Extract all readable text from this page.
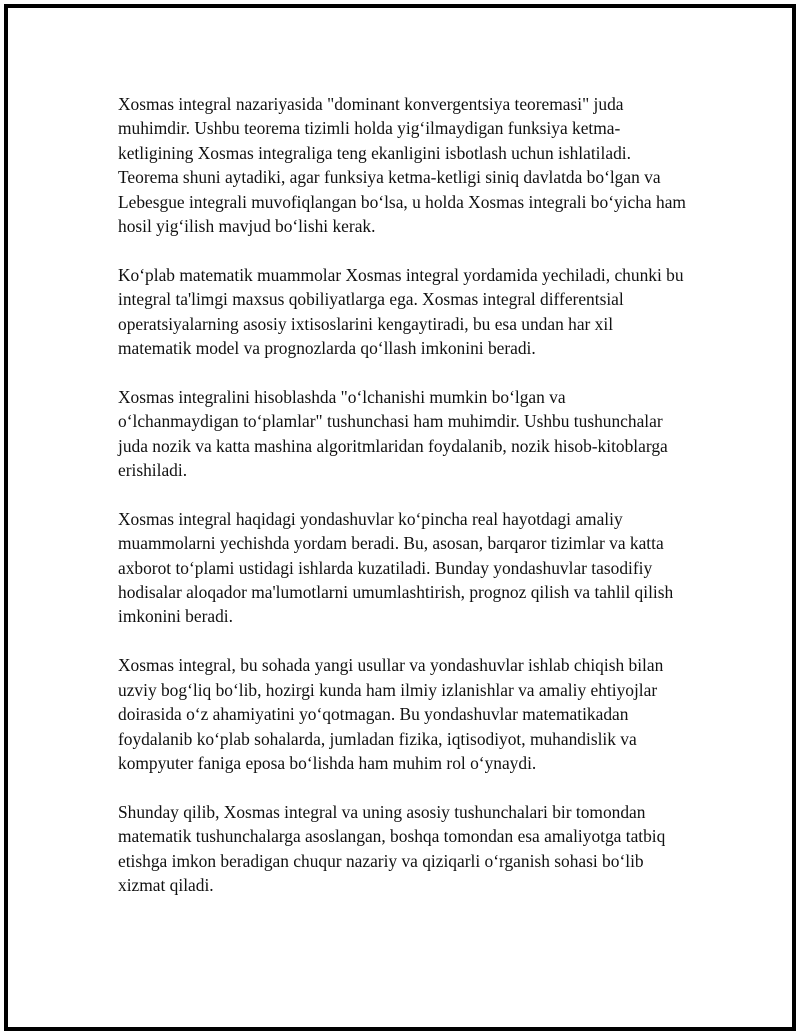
Xosmas integral nazariyasida "dominant konvergentsiya teoremasi" juda muhimdir. Ushbu teorema tizimli holda yigʻilmaydigan funksiya ketma-ketligining Xosmas integraliga teng ekanligini isbotlash uchun ishlatiladi. Teorema shuni aytadiki, agar funksiya ketma-ketligi siniq davlatda boʻlgan va Lebesgue integrali muvofiqlangan boʻlsa, u holda Xosmas integrali boʻyicha ham hosil yigʻilish mavjud boʻlishi kerak.

Koʻplab matematik muammolar Xosmas integral yordamida yechiladi, chunki bu integral ta'limgi maxsus qobiliyatlarga ega. Xosmas integral differentsial operatsiyalarning asosiy ixtisoslarini kengaytiradi, bu esa undan har xil matematik model va prognozlarda qoʻllash imkonini beradi.

Xosmas integralini hisoblashda "oʻlchanishi mumkin boʻlgan va oʻlchanmaydigan toʻplamlar" tushunchasi ham muhimdir. Ushbu tushunchalar juda nozik va katta mashina algoritmlaridan foydalanib, nozik hisob-kitoblarga erishiladi.

Xosmas integral haqidagi yondashuvlar koʻpincha real hayotdagi amaliy muammolarni yechishda yordam beradi. Bu, asosan, barqaror tizimlar va katta axborot toʻplami ustidagi ishlarda kuzatiladi. Bunday yondashuvlar tasodifiy hodisalar aloqador ma'lumotlarni umumlashtirish, prognoz qilish va tahlil qilish imkonini beradi.

Xosmas integral, bu sohada yangi usullar va yondashuvlar ishlab chiqish bilan uzviy bogʻliq boʻlib, hozirgi kunda ham ilmiy izlanishlar va amaliy ehtiyojlar doirasida oʻz ahamiyatini yoʻqotmagan. Bu yondashuvlar matematikadan foydalanib koʻplab sohalarda, jumladan fizika, iqtisodiyot, muhandislik va kompyuter faniga eposa boʻlishda ham muhim rol oʻynaydi.

Shunday qilib, Xosmas integral va uning asosiy tushunchalari bir tomondan matematik tushunchalarga asoslangan, boshqa tomondan esa amaliyotga tatbiq etishga imkon beradigan chuqur nazariy va qiziqarli oʻrganish sohasi boʻlib xizmat qiladi.
